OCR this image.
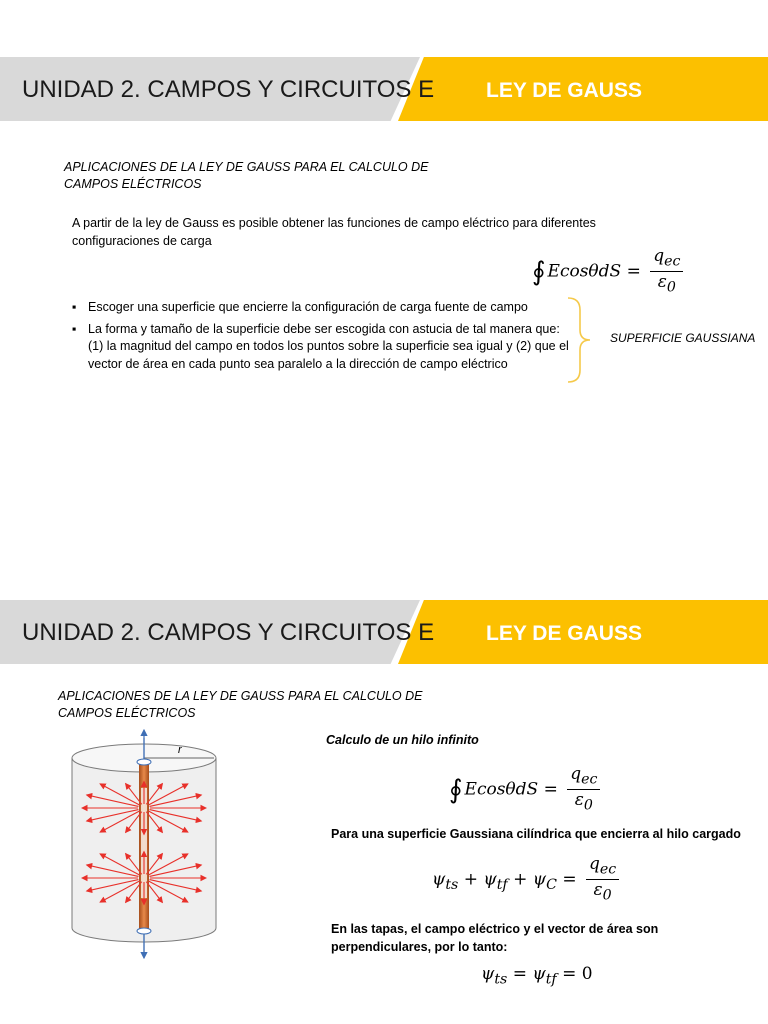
UNIDAD 2. CAMPOS Y CIRCUITOS E LEY DE GAUSS
APLICACIONES DE LA LEY DE GAUSS PARA EL CALCULO DE CAMPOS ELÉCTRICOS
A partir de la ley de Gauss es posible obtener las funciones de campo eléctrico para diferentes configuraciones de carga
∮ $Ecos\theta dS = \frac{q_{ec}}{\varepsilon_0}$
▪ Escoger una superficie que encierre la configuración de carga fuente de campo
▪ La forma y tamaño de la superficie debe ser escogida con astucia de tal manera que: (1) la magnitud del campo en todos los puntos sobre la superficie sea igual y (2) que el vector de área en cada punto sea paralelo a la dirección de campo eléctrico
SUPERFICIE GAUSSIANA
UNIDAD 2. CAMPOS Y CIRCUITOS E LEY DE GAUSS
APLICACIONES DE LA LEY DE GAUSS PARA EL CALCULO DE CAMPOS ELÉCTRICOS
r
Calculo de un hilo infinito
∮ $Ecos\theta dS = \frac{q_{ec}}{\varepsilon_0}$
Para una superficie Gaussiana cilíndrica que encierra al hilo cargado
$\psi_{ts} + \psi_{tf} + \psi_C = \frac{q_{ec}}{\varepsilon_0}$
En las tapas, el campo eléctrico y el vector de área son perpendiculares, por lo tanto:
$\psi_{ts} = \psi_{tf} = 0$
